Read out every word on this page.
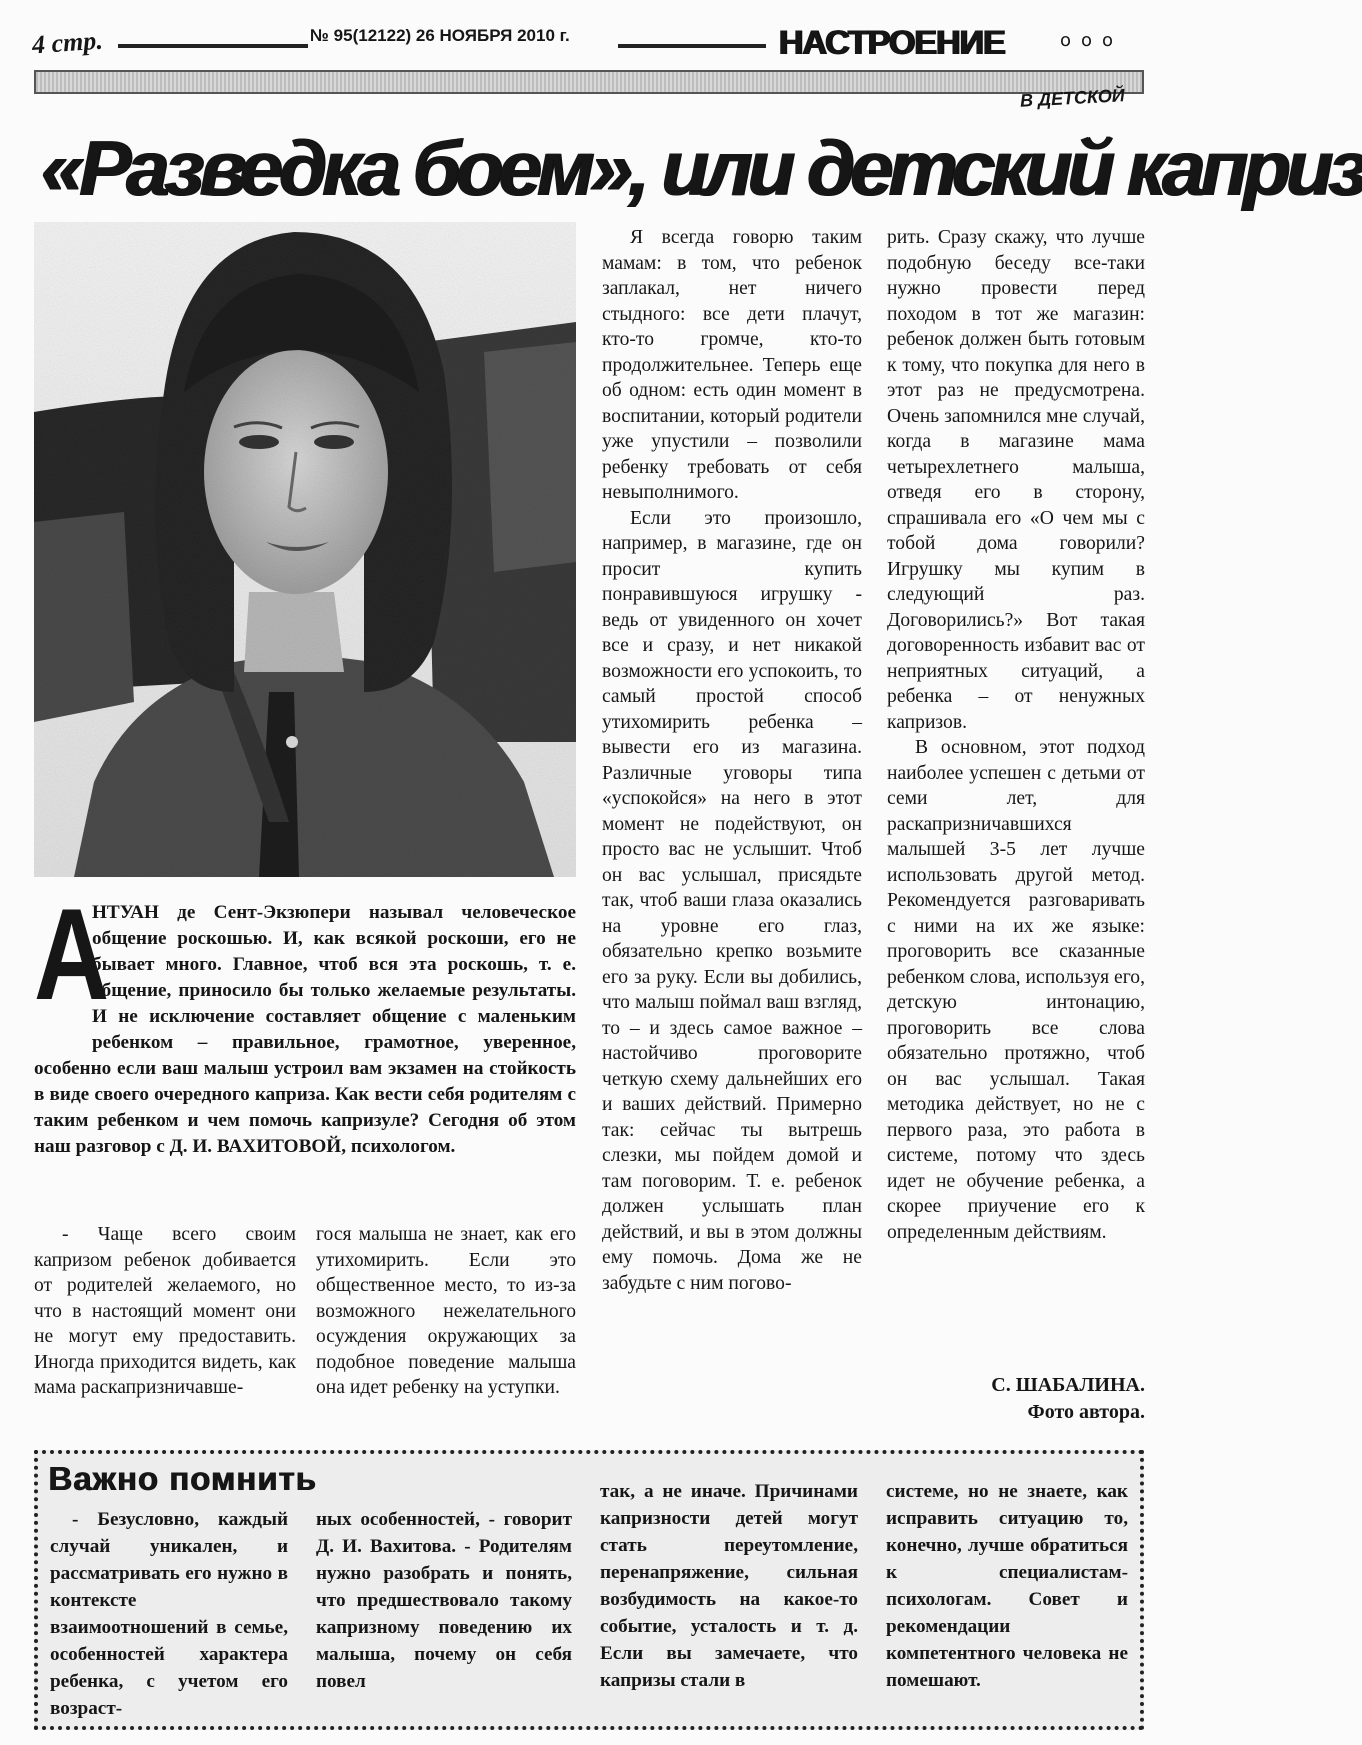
4 стр.	№ 95(12122) 26 НОЯБРЯ 2010 г.	НАСТРОЕНИЕ	ooo
В ДЕТСКОЙ
«Разведка боем», или детский каприз
А
НТУАН де Сент-Экзюпери называл человеческое общение роскошью. И, как всякой роскоши, его не бывает много. Главное, чтоб вся эта роскошь, т. е. общение, приносило бы только желаемые результаты. И не исключение составляет общение с маленьким ребенком – правильное, грамотное, уверенное, особенно если ваш малыш устроил вам экзамен на стойкость в виде своего очередного каприза. Как вести себя родителям с таким ребенком и чем помочь капризуле? Сегодня об этом наш разговор с Д. И. ВАХИТОВОЙ, психологом.

- Чаще всего своим капризом ребенок добивается от родителей желаемого, но что в настоящий момент они не могут ему предоставить. Иногда приходится видеть, как мама раскапризничавше-

гося малыша не знает, как его утихомирить. Если это общественное место, то из-за возможного нежелательного осуждения окружающих за подобное поведение малыша она идет ребенку на уступки.

Я всегда говорю таким мамам: в том, что ребенок заплакал, нет ничего стыдного: все дети плачут, кто-то громче, кто-то продолжительнее. Теперь еще об одном: есть один момент в воспитании, который родители уже упустили – позволили ребенку требовать от себя невыполнимого.

Если это произошло, например, в магазине, где он просит купить понравившуюся игрушку - ведь от увиденного он хочет все и сразу, и нет никакой возможности его успокоить, то самый простой способ утихомирить ребенка – вывести его из магазина. Различные уговоры типа «успокойся» на него в этот момент не подействуют, он просто вас не услышит. Чтоб он вас услышал, присядьте так, чтоб ваши глаза оказались на уровне его глаз, обязательно крепко возьмите его за руку. Если вы добились, что малыш поймал ваш взгляд, то – и здесь самое важное – настойчиво проговорите четкую схему дальнейших его и ваших действий. Примерно так: сейчас ты вытрешь слезки, мы пойдем домой и там поговорим. Т. е. ребенок должен услышать план действий, и вы в этом должны ему помочь. Дома же не забудьте с ним погово-

рить. Сразу скажу, что лучше подобную беседу все-таки нужно провести перед походом в тот же магазин: ребенок должен быть готовым к тому, что покупка для него в этот раз не предусмотрена. Очень запомнился мне случай, когда в магазине мама четырехлетнего малыша, отведя его в сторону, спрашивала его «О чем мы с тобой дома говорили? Игрушку мы купим в следующий раз. Договорились?» Вот такая договоренность избавит вас от неприятных ситуаций, а ребенка – от ненужных капризов.

В основном, этот подход наиболее успешен с детьми от семи лет, для раскапризничавшихся малышей 3-5 лет лучше использовать другой метод. Рекомендуется разговаривать с ними на их же языке: проговорить все сказанные ребенком слова, используя его, детскую интонацию, проговорить все слова обязательно протяжно, чтоб он вас услышал. Такая методика действует, но не с первого раза, это работа в системе, потому что здесь идет не обучение ребенка, а скорее приучение его к определенным действиям.

С. ШАБАЛИНА.
Фото автора.
Важно помнить
- Безусловно, каждый случай уникален, и рассматривать его нужно в контексте взаимоотношений в семье, особенностей характера ребенка, с учетом его возраст-
ных особенностей, - говорит Д. И. Вахитова. - Родителям нужно разобрать и понять, что предшествовало такому капризному поведению их малыша, почему он себя повел
так, а не иначе. Причинами капризности детей могут стать переутомление, перенапряжение, сильная возбудимость на какое-то событие, усталость и т. д. Если вы замечаете, что капризы стали в
системе, но не знаете, как исправить ситуацию то, конечно, лучше обратиться к специалистам-психологам. Совет и рекомендации компетентного человека не помешают.
